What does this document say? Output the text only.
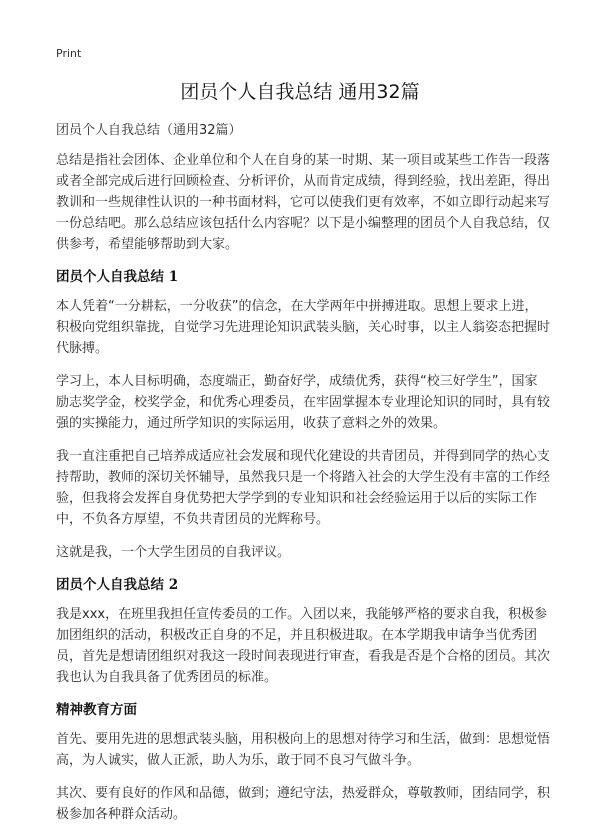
Print
团员个人自我总结 通用32篇

团员个人自我总结（通用32篇）

总结是指社会团体、企业单位和个人在自身的某一时期、某一项目或某些工作告一段落或者全部完成后进行回顾检查、分析评价，从而肯定成绩，得到经验，找出差距，得出教训和一些规律性认识的一种书面材料，它可以使我们更有效率，不如立即行动起来写一份总结吧。那么总结应该包括什么内容呢？以下是小编整理的团员个人自我总结，仅供参考，希望能够帮助到大家。

团员个人自我总结 1

本人凭着“一分耕耘，一分收获”的信念，在大学两年中拼搏进取。思想上要求上进，积极向党组织靠拢，自觉学习先进理论知识武装头脑，关心时事，以主人翁姿态把握时代脉搏。

学习上，本人目标明确，态度端正，勤奋好学，成绩优秀，获得“校三好学生”，国家励志奖学金，校奖学金，和优秀心理委员，在牢固掌握本专业理论知识的同时，具有较强的实操能力，通过所学知识的实际运用，收获了意料之外的效果。

我一直注重把自己培养成适应社会发展和现代化建设的共青团员，并得到同学的热心支持帮助，教师的深切关怀辅导，虽然我只是一个将踏入社会的大学生没有丰富的工作经验，但我将会发挥自身优势把大学学到的专业知识和社会经验运用于以后的实际工作中，不负各方厚望，不负共青团员的光辉称号。

这就是我，一个大学生团员的自我评议。

团员个人自我总结 2

我是xxx，在班里我担任宣传委员的工作。入团以来，我能够严格的要求自我，积极参加团组织的活动，积极改正自身的不足，并且积极进取。在本学期我申请争当优秀团员，首先是想请团组织对我这一段时间表现进行审查，看我是否是个合格的团员。其次我也认为自我具备了优秀团员的标准。

精神教育方面

首先、要用先进的思想武装头脑，用积极向上的思想对待学习和生活，做到：思想觉悟高，为人诚实，做人正派，助人为乐，敢于同不良习气做斗争。

其次、要有良好的作风和品德，做到；遵纪守法，热爱群众，尊敬教师，团结同学，积极参加各种群众活动。
